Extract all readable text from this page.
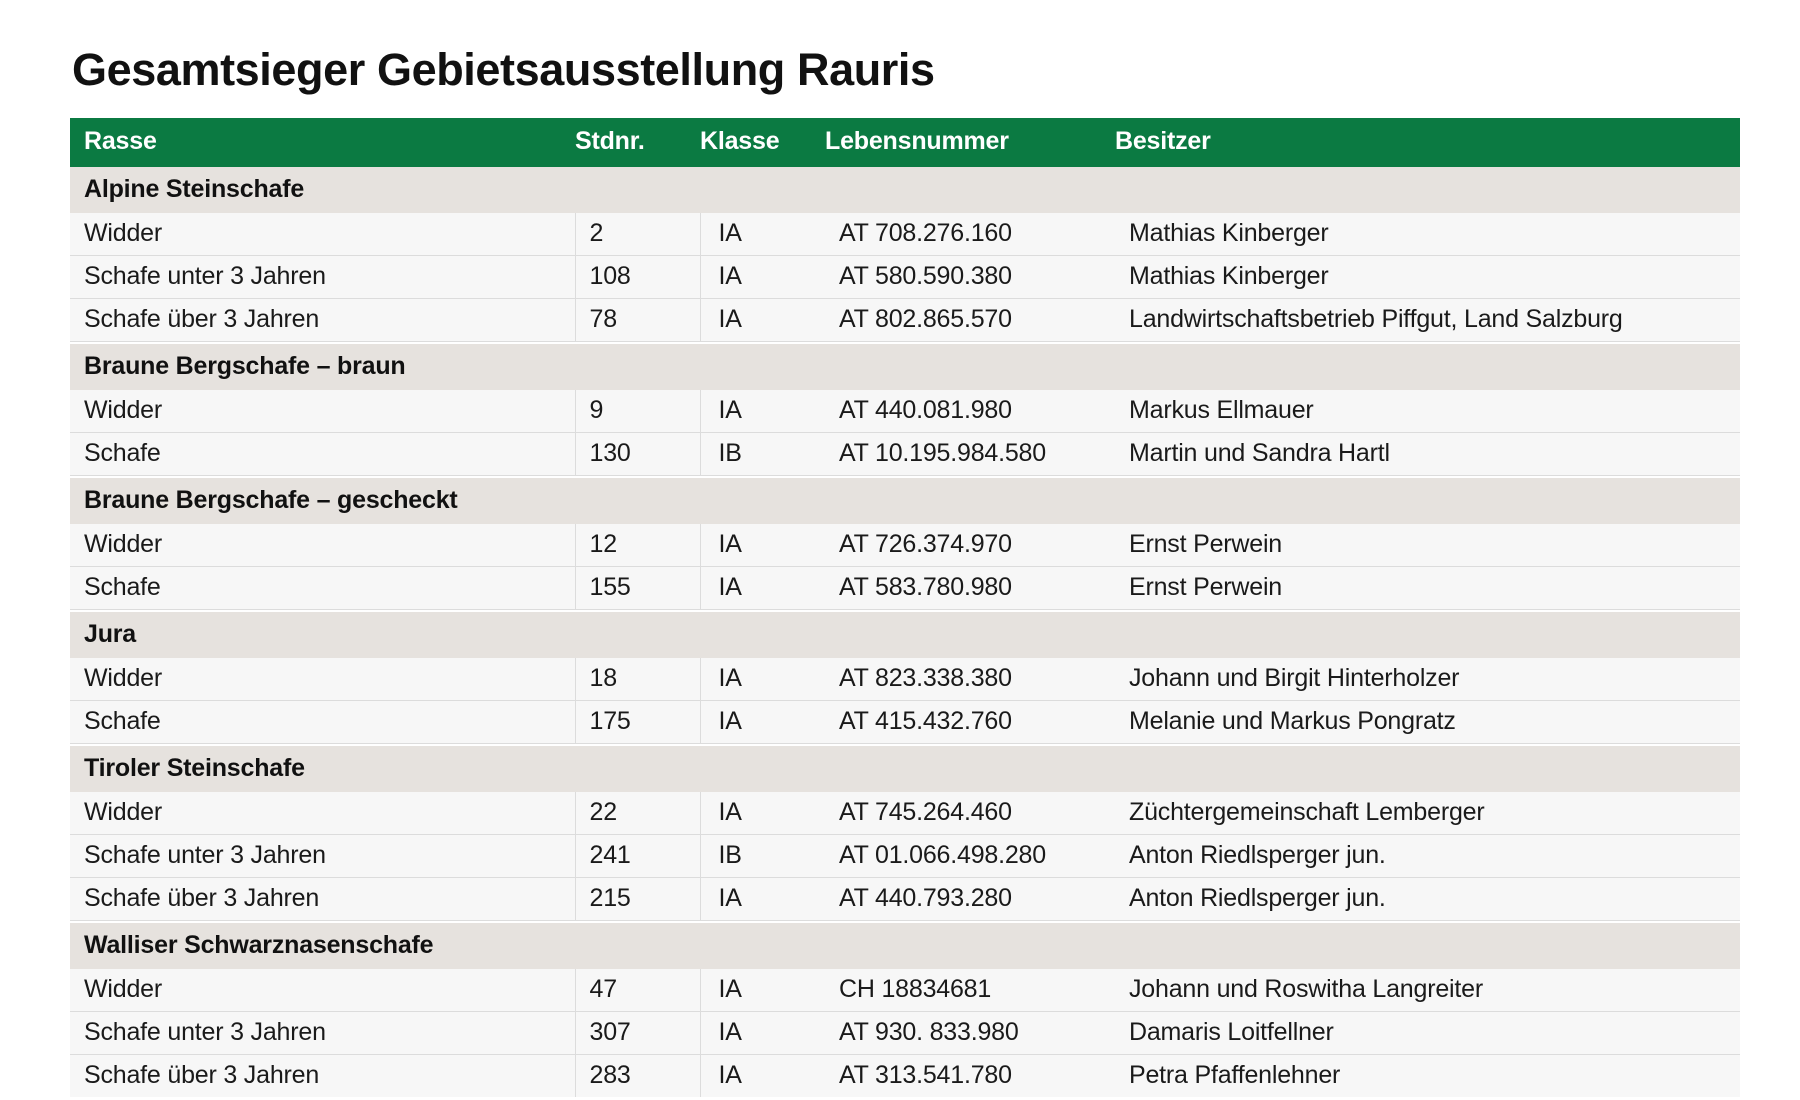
Gesamtsieger Gebietsausstellung Rauris
Rasse	Stdnr.	Klasse	Lebensnummer	Besitzer
Alpine Steinschafe				
Widder	2	IA	AT 708.276.160	Mathias Kinberger
Schafe unter 3 Jahren	108	IA	AT 580.590.380	Mathias Kinberger
Schafe über 3 Jahren	78	IA	AT 802.865.570	Landwirtschaftsbetrieb Piffgut, Land Salzburg

Braune Bergschafe – braun				
Widder	9	IA	AT 440.081.980	Markus Ellmauer
Schafe	130	IB	AT 10.195.984.580	Martin und Sandra Hartl

Braune Bergschafe – gescheckt				
Widder	12	IA	AT 726.374.970	Ernst Perwein
Schafe	155	IA	AT 583.780.980	Ernst Perwein

Jura				
Widder	18	IA	AT 823.338.380	Johann und Birgit Hinterholzer
Schafe	175	IA	AT 415.432.760	Melanie und Markus Pongratz

Tiroler Steinschafe				
Widder	22	IA	AT 745.264.460	Züchtergemeinschaft Lemberger
Schafe unter 3 Jahren	241	IB	AT 01.066.498.280	Anton Riedlsperger jun.
Schafe über 3 Jahren	215	IA	AT 440.793.280	Anton Riedlsperger jun.

Walliser Schwarznasenschafe				
Widder	47	IA	CH 18834681	Johann und Roswitha Langreiter
Schafe unter 3 Jahren	307	IA	AT 930. 833.980	Damaris Loitfellner
Schafe über 3 Jahren	283	IA	AT 313.541.780	Petra Pfaffenlehner
